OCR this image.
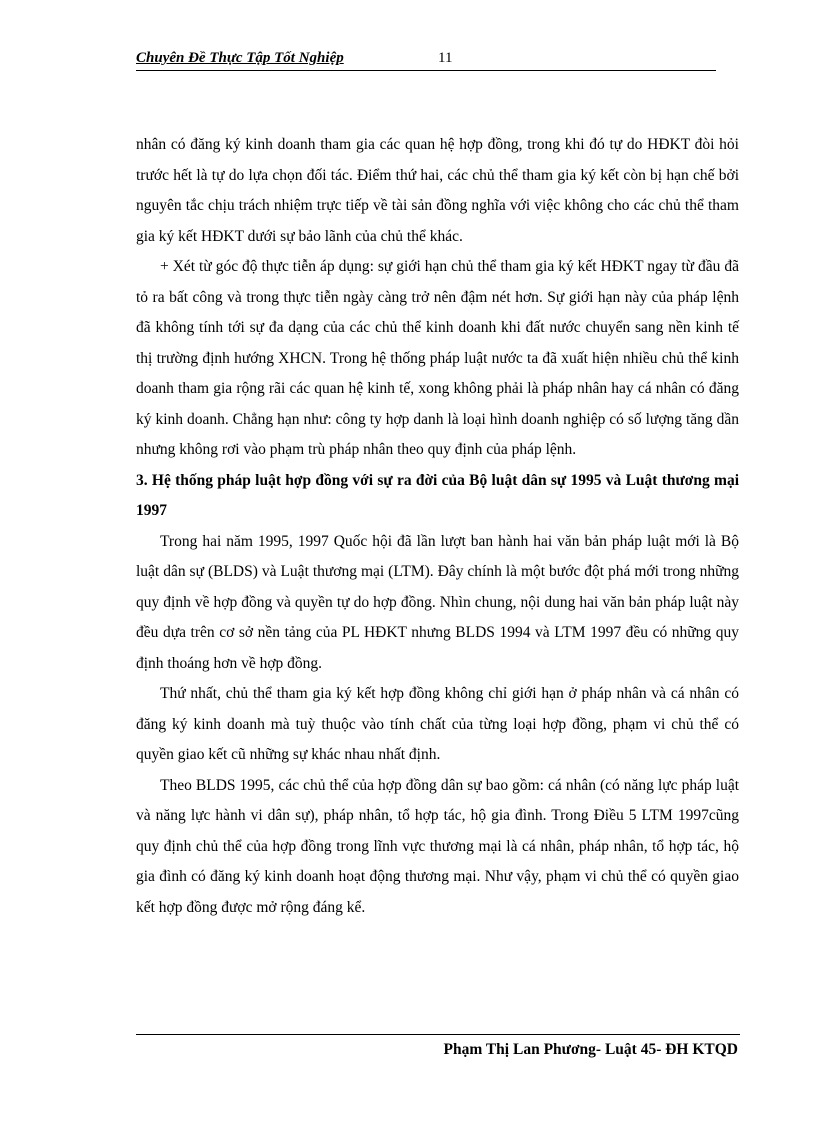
Chuyên Đề Thực Tập Tốt Nghiệp	11

nhân có đăng ký kinh doanh tham gia các quan hệ hợp đồng, trong khi đó tự do HĐKT đòi hỏi trước hết là tự do lựa chọn đối tác. Điểm thứ hai, các chủ thể tham gia ký kết còn bị hạn chế bởi nguyên tắc chịu trách nhiệm trực tiếp về tài sản đồng nghĩa với việc không cho các chủ thể tham gia ký kết HĐKT dưới sự bảo lãnh của chủ thể khác.

+ Xét từ góc độ thực tiễn áp dụng: sự giới hạn chủ thể tham gia ký kết HĐKT ngay từ đầu đã tỏ ra bất công và trong thực tiễn ngày càng trở nên đậm nét hơn. Sự giới hạn này của pháp lệnh đã không tính tới sự đa dạng của các chủ thể kinh doanh khi đất nước chuyển sang nền kinh tế thị trường định hướng XHCN. Trong hệ thống pháp luật nước ta đã xuất hiện nhiều chủ thể kinh doanh tham gia rộng rãi các quan hệ kinh tế, xong không phải là pháp nhân hay cá nhân có đăng ký kinh doanh. Chẳng hạn như: công ty hợp danh là loại hình doanh nghiệp có số lượng tăng dần nhưng không rơi vào phạm trù pháp nhân theo quy định của pháp lệnh.

3. Hệ thống pháp luật hợp đồng với sự ra đời của Bộ luật dân sự 1995 và Luật thương mại 1997

Trong hai năm 1995, 1997 Quốc hội đã lần lượt ban hành hai văn bản pháp luật mới là Bộ luật dân sự (BLDS) và Luật thương mại (LTM). Đây chính là một bước đột phá mới trong những quy định về hợp đồng và quyền tự do hợp đồng. Nhìn chung, nội dung hai văn bản pháp luật này đều dựa trên cơ sở nền tảng của PL HĐKT nhưng BLDS 1994 và LTM 1997 đều có những quy định thoáng hơn về hợp đồng.

Thứ nhất, chủ thể tham gia ký kết hợp đồng không chỉ giới hạn ở pháp nhân và cá nhân có đăng ký kinh doanh mà tuỳ thuộc vào tính chất của từng loại hợp đồng, phạm vi chủ thể có quyền giao kết cũ những sự khác nhau nhất định.

Theo BLDS 1995, các chủ thể của hợp đồng dân sự bao gồm: cá nhân (có năng lực pháp luật và năng lực hành vi dân sự), pháp nhân, tổ hợp tác, hộ gia đình. Trong Điều 5 LTM 1997cũng quy định chủ thể của hợp đồng trong lĩnh vực thương mại là cá nhân, pháp nhân, tổ hợp tác, hộ gia đình có đăng ký kinh doanh hoạt động thương mại. Như vậy, phạm vi chủ thể có quyền giao kết hợp đồng được mở rộng đáng kể.

Phạm Thị Lan Phương- Luật 45- ĐH KTQD
